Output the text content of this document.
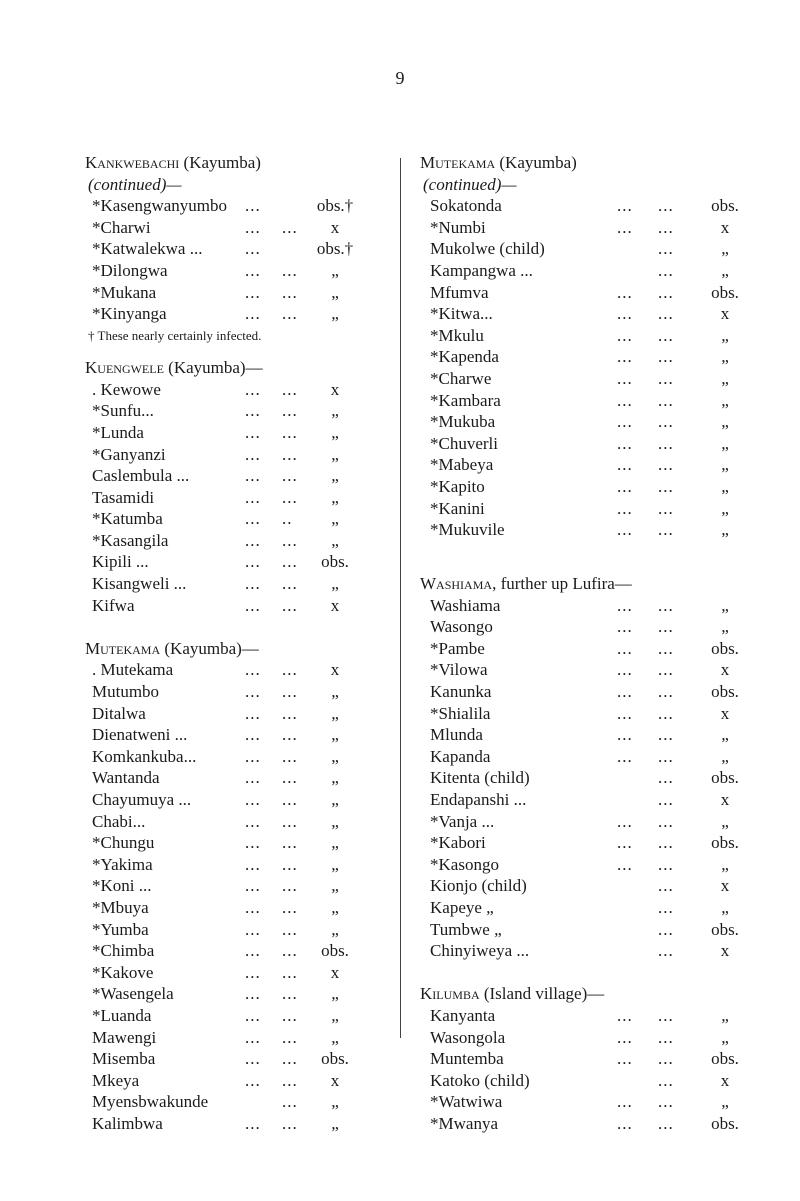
9
Kankwebachi (Kayumba)
(continued)—
*Kasengwanyumbo ...	obs.†
*Charwi	... ...	x
*Katwalekwa ...	...	obs.†
*Dilongwa	... ...	„
*Mukana	... ...	„
*Kinyanga	... ...	„
† These nearly certainly infected.
Kuengwele (Kayumba)—
. Kewowe	... ...	x
*Sunfu...	... ...	„
*Lunda	... ...	„
*Ganyanzi	... ...	„
Caslembula ...	... ...	„
Tasamidi	... ...	„
*Katumba	... ..	„
*Kasangila	... ...	„
Kipili ...	... ...	obs.
Kisangweli ...	... ...	„
Kifwa	... ...	x
Mutekama (Kayumba)—
. Mutekama	... ...	x
Mutumbo	... ...	„
Ditalwa	... ...	„
Dienatweni ...	... ...	„
Komkankuba...	... ...	„
Wantanda	... ...	„
Chayumuya ...	... ...	„
Chabi...	... ...	„
*Chungu	... ...	„
*Yakima	... ...	„
*Koni ...	... ...	„
*Mbuya	... ...	„
*Yumba	... ...	„
*Chimba	... ...	obs.
*Kakove	... ...	x
*Wasengela	... ...	„
*Luanda	... ...	„
Mawengi	... ...	„
Misemba	... ...	obs.
Mkeya	... ...	x
Myensbwakunde	...	„
Kalimbwa	... ...	„
Mutekama (Kayumba)
(continued)—
Sokatonda	... ...	obs.
*Numbi	... ...	x
Mukolwe (child)	...	„
Kampangwa ...	...	„
Mfumva	... ...	obs.
*Kitwa...	... ...	x
*Mkulu	... ...	„
*Kapenda	... ...	„
*Charwe	... ...	„
*Kambara	... ...	„
*Mukuba	... ...	„
*Chuverli	... ...	„
*Mabeya	... ...	„
*Kapito	... ...	„
*Kanini	... ...	„
*Mukuvile	... ...	„
Washiama, further up Lufira—
Washiama	... ...	„
Wasongo	... ...	„
*Pambe	... ...	obs.
*Vilowa	... ...	x
Kanunka	... ...	obs.
*Shialila	... ...	x
Mlunda	... ...	„
Kapanda	... ...	„
Kitenta (child)	...	obs.
Endapanshi ...	...	x
*Vanja ...	... ...	„
*Kabori	... ...	obs.
*Kasongo	... ...	„
Kionjo (child)	...	x
Kapeye „	...	„
Tumbwe „	...	obs.
Chinyiweya ...	...	x
Kilumba (Island village)—
Kanyanta	... ...	„
Wasongola	... ...	„
Muntemba	... ...	obs.
Katoko (child)	...	x
*Watwiwa	... ...	„
*Mwanya	... ...	obs.
